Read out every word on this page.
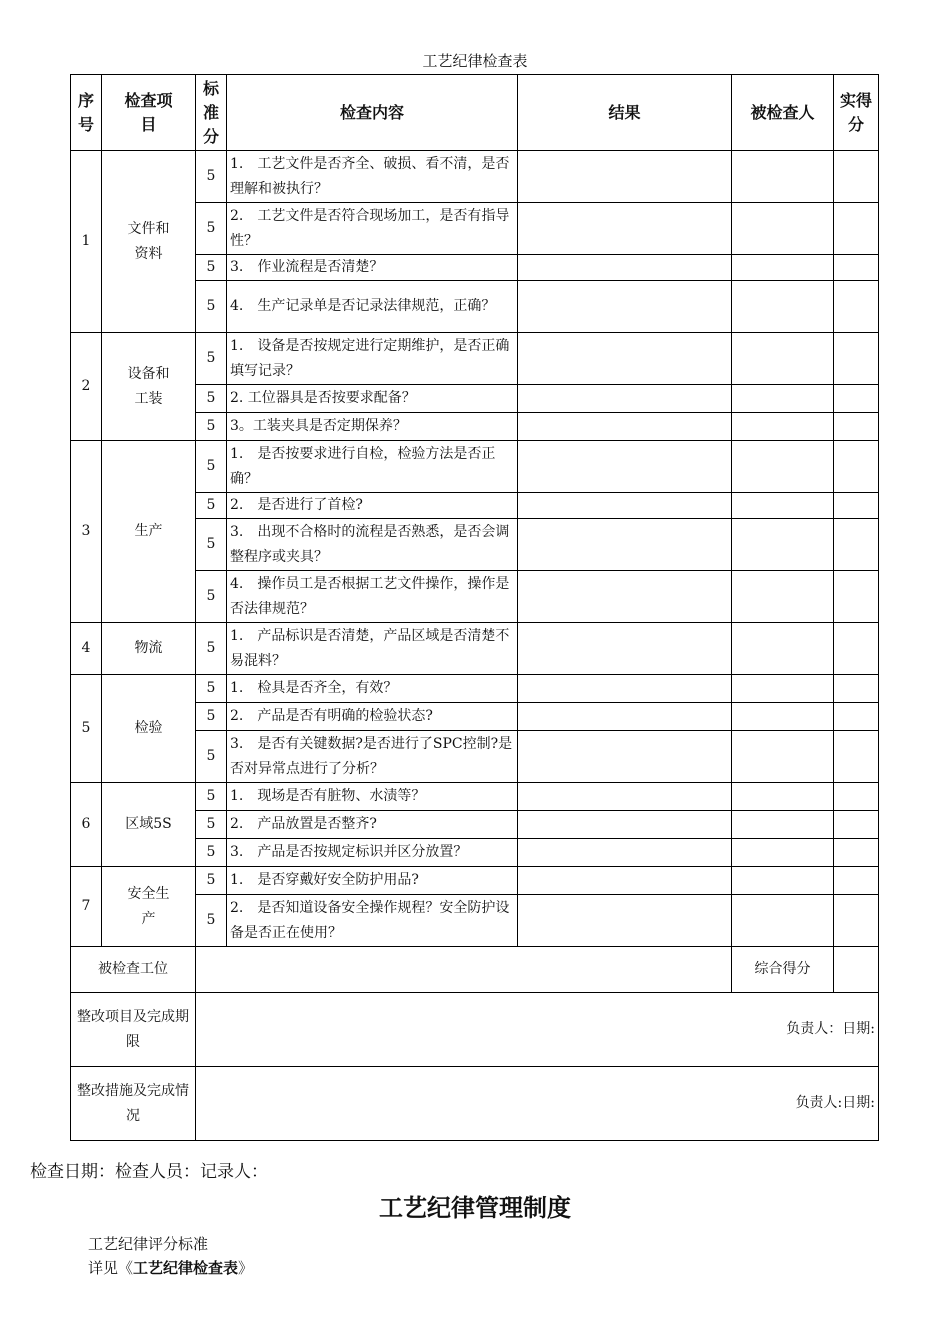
工艺纪律检查表
序号	检查项目	标准分	检查内容	结果	被检查人	实得分
1	文件和资料	5	1.　工艺文件是否齐全、破损、看不清，是否理解和被执行？			
		5	2.　工艺文件是否符合现场加工，是否有指导性？			
		5	3.　作业流程是否清楚？			
		5	4.　生产记录单是否记录法律规范，正确？			
2	设备和工装	5	1.　设备是否按规定进行定期维护，是否正确填写记录？			
		5	2. 工位器具是否按要求配备？			
		5	3。工装夹具是否定期保养？			
3	生产	5	1.　是否按要求进行自检，检验方法是否正确？			
		5	2.　是否进行了首检?			
		5	3.　出现不合格时的流程是否熟悉，是否会调整程序或夹具？			
		5	4.　操作员工是否根据工艺文件操作，操作是否法律规范？			
4	物流	5	1.　产品标识是否清楚，产品区域是否清楚不易混料？			
5	检验	5	1.　检具是否齐全，有效？			
		5	2.　产品是否有明确的检验状态?			
		5	3.　是否有关键数据?是否进行了SPC控制?是否对异常点进行了分析？			
6	区域5S	5	1.　现场是否有脏物、水渍等？			
		5	2.　产品放置是否整齐?			
		5	3.　产品是否按规定标识并区分放置？			
7	安全生产	5	1.　是否穿戴好安全防护用品?			
		5	2.　是否知道设备安全操作规程？安全防护设备是否正在使用？			
被检查工位					综合得分	
整改项目及完成期限		负责人：日期:				
整改措施及完成情况		负责人:日期:				
检查日期：检查人员：记录人：
工艺纪律管理制度
工艺纪律评分标准
详见《工艺纪律检查表》
